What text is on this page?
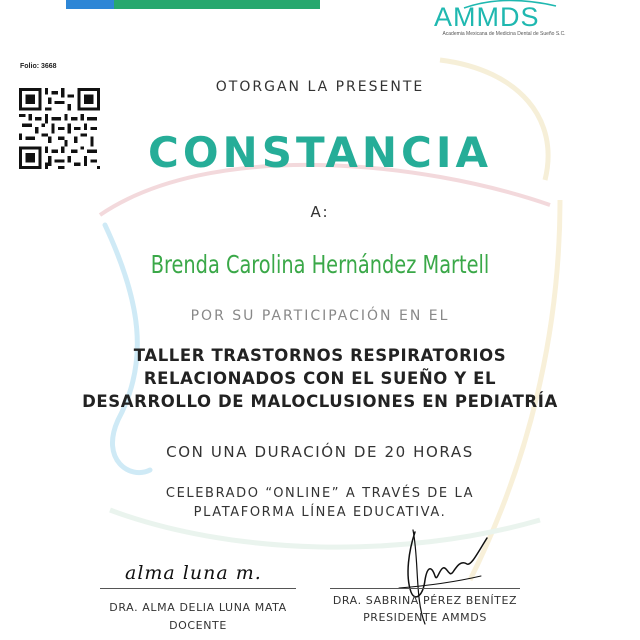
AMMDS
Academia Mexicana de Medicina Dental de Sueño S.C.
Folio: 3668
OTORGAN LA PRESENTE
CONSTANCIA
A:
Brenda Carolina Hernández Martell
POR SU PARTICIPACIÓN EN EL
TALLER TRASTORNOS RESPIRATORIOS
RELACIONADOS CON EL SUEÑO Y EL
DESARROLLO DE MALOCLUSIONES EN PEDIATRÍA
CON UNA DURACIÓN DE 20 HORAS
CELEBRADO “ONLINE” A TRAVÉS DE LA
PLATAFORMA LÍNEA EDUCATIVA.
alma luna m.
DRA. ALMA DELIA LUNA MATA
DOCENTE
DRA. SABRINA PÉREZ BENÍTEZ
PRESIDENTE AMMDS
